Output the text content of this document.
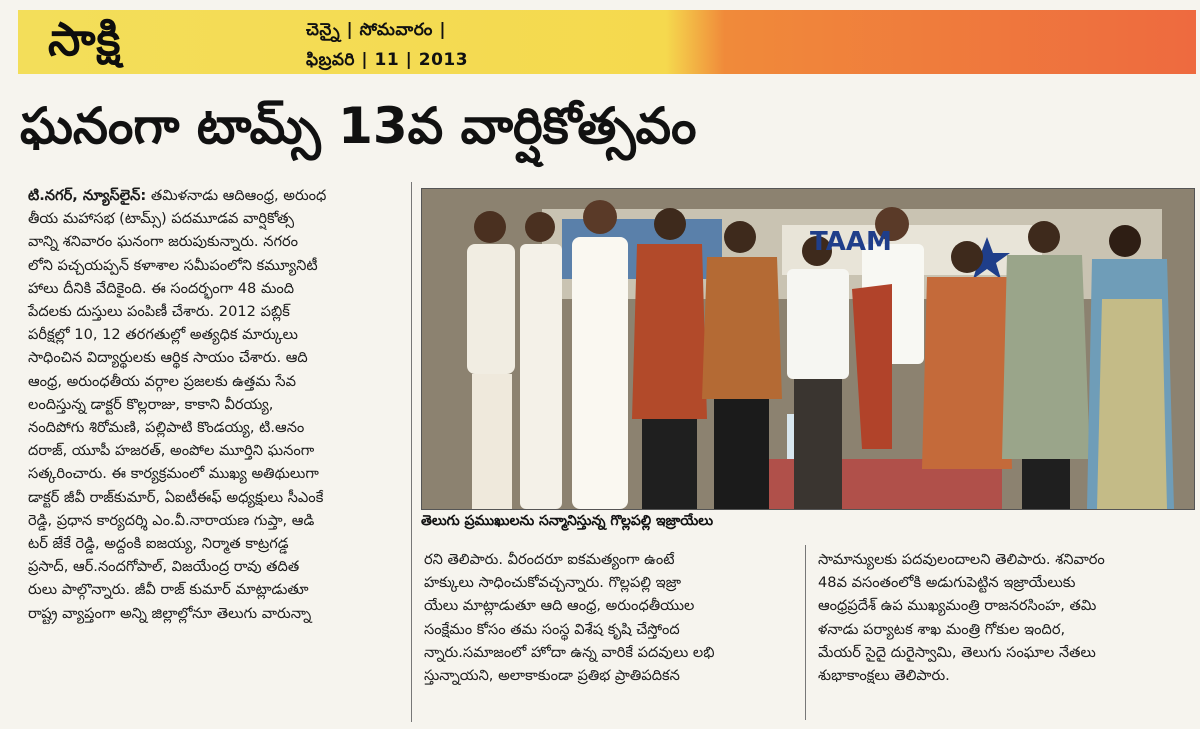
సాక్షి	చెన్నై | సోమవారం |
ఫిబ్రవరి | 11 | 2013
ఘనంగా టామ్స్ 13వ వార్షికోత్సవం
టి.నగర్, న్యూస్‌లైన్: తమిళనాడు ఆదిఆంధ్ర, అరుంధ
తీయ మహాసభ (టామ్స్) పదమూడవ వార్షికోత్స
వాన్ని శనివారం ఘనంగా జరుపుకున్నారు. నగరం
లోని పచ్చయప్పన్ కళాశాల సమీపంలోని కమ్యూనిటీ
హాలు దీనికి వేదికైంది. ఈ సందర్భంగా 48 మంది
పేదలకు దుస్తులు పంపిణీ చేశారు. 2012 పబ్లిక్
పరీక్షల్లో 10, 12 తరగతుల్లో అత్యధిక మార్కులు
సాధించిన విద్యార్థులకు ఆర్థిక సాయం చేశారు. ఆది
ఆంధ్ర, అరుంధతీయ వర్గాల ప్రజలకు ఉత్తమ సేవ
లందిస్తున్న డాక్టర్ కొల్లరాజు, కాకాని వీరయ్య,
నందిపోగు శిరోమణి, పల్లిపాటి కొండయ్య, టి.ఆనం
దరాజ్, యూపీ హజరత్, అంపోల మూర్తిని ఘనంగా
సత్కరించారు. ఈ కార్యక్రమంలో ముఖ్య అతిథులుగా
డాక్టర్ జీవీ రాజ్‌కుమార్, ఏఐటీఈఫ్ అధ్యక్షులు సీఎంకే
రెడ్డి, ప్రధాన కార్యదర్శి ఎం.వీ.నారాయణ గుప్తా, ఆడి
టర్ జేకే రెడ్డి, అద్దంకి ఐజయ్య, నిర్మాత కాట్రగడ్డ
ప్రసాద్, ఆర్.నందగోపాల్, విజయేంద్ర రావు తదిత
రులు పాల్గొన్నారు. జీవీ రాజ్ కుమార్ మాట్లాడుతూ
రాష్ట్ర వ్యాప్తంగా అన్ని జిల్లాల్లోనూ తెలుగు వారున్నా
TAAM
తెలుగు ప్రముఖులను సన్మానిస్తున్న గొల్లపల్లి ఇజ్రాయేలు
రని తెలిపారు. వీరందరూ ఐకమత్యంగా ఉంటే
హక్కులు సాధించుకోవచ్చన్నారు. గొల్లపల్లి ఇజ్రా
యేలు మాట్లాడుతూ ఆది ఆంధ్ర, అరుంధతీయుల
సంక్షేమం కోసం తమ సంస్థ విశేష కృషి చేస్తోంద
న్నారు.సమాజంలో హోదా ఉన్న వారికే పదవులు లభి
స్తున్నాయని, అలాకాకుండా ప్రతిభ ప్రాతిపదికన
సామాన్యులకు పదవులందాలని తెలిపారు. శనివారం
48వ వసంతంలోకి అడుగుపెట్టిన ఇజ్రాయేలుకు
ఆంధ్రప్రదేశ్ ఉప ముఖ్యమంత్రి రాజనరసింహ, తమి
ళనాడు పర్యాటక శాఖ మంత్రి గోకుల ఇందిర,
మేయర్ సైదై దురైస్వామి, తెలుగు సంఘాల నేతలు
శుభాకాంక్షలు తెలిపారు.
